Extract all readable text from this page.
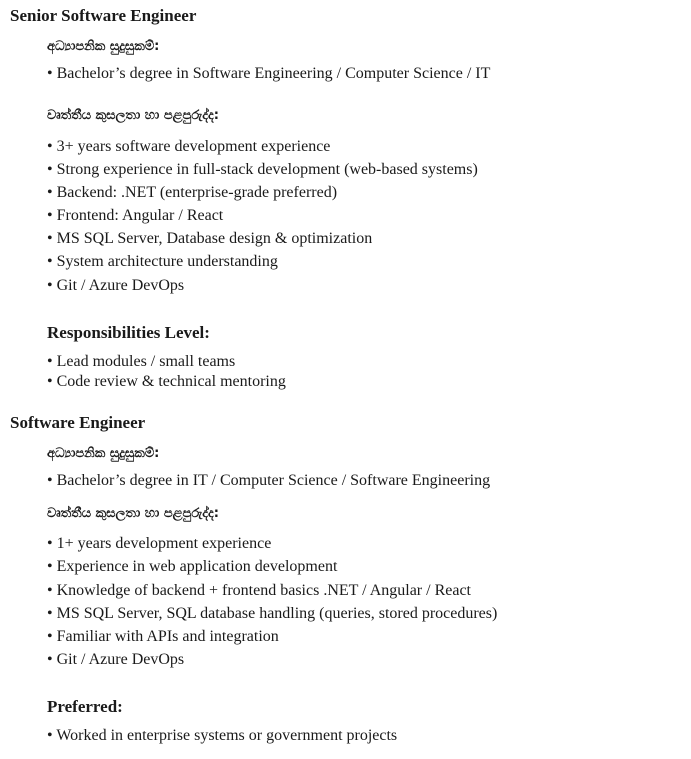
Senior Software Engineer
අධ්‍යාපනික සුදුසුකම්:
• Bachelor’s degree in Software Engineering / Computer Science / IT
වෘත්තීය කුසලතා හා පළපුරුද්ද:
• 3+ years software development experience
• Strong experience in full-stack development (web-based systems)
• Backend: .NET (enterprise-grade preferred)
• Frontend: Angular / React
• MS SQL Server, Database design & optimization
• System architecture understanding
• Git / Azure DevOps
Responsibilities Level:
• Lead modules / small teams
• Code review & technical mentoring
Software Engineer
අධ්‍යාපනික සුදුසුකම්:
• Bachelor’s degree in IT / Computer Science / Software Engineering
වෘත්තීය කුසලතා හා පළපුරුද්ද:
• 1+ years development experience
• Experience in web application development
• Knowledge of backend + frontend basics .NET / Angular / React
• MS SQL Server, SQL database handling (queries, stored procedures)
• Familiar with APIs and integration
• Git / Azure DevOps
Preferred:
• Worked in enterprise systems or government projects
